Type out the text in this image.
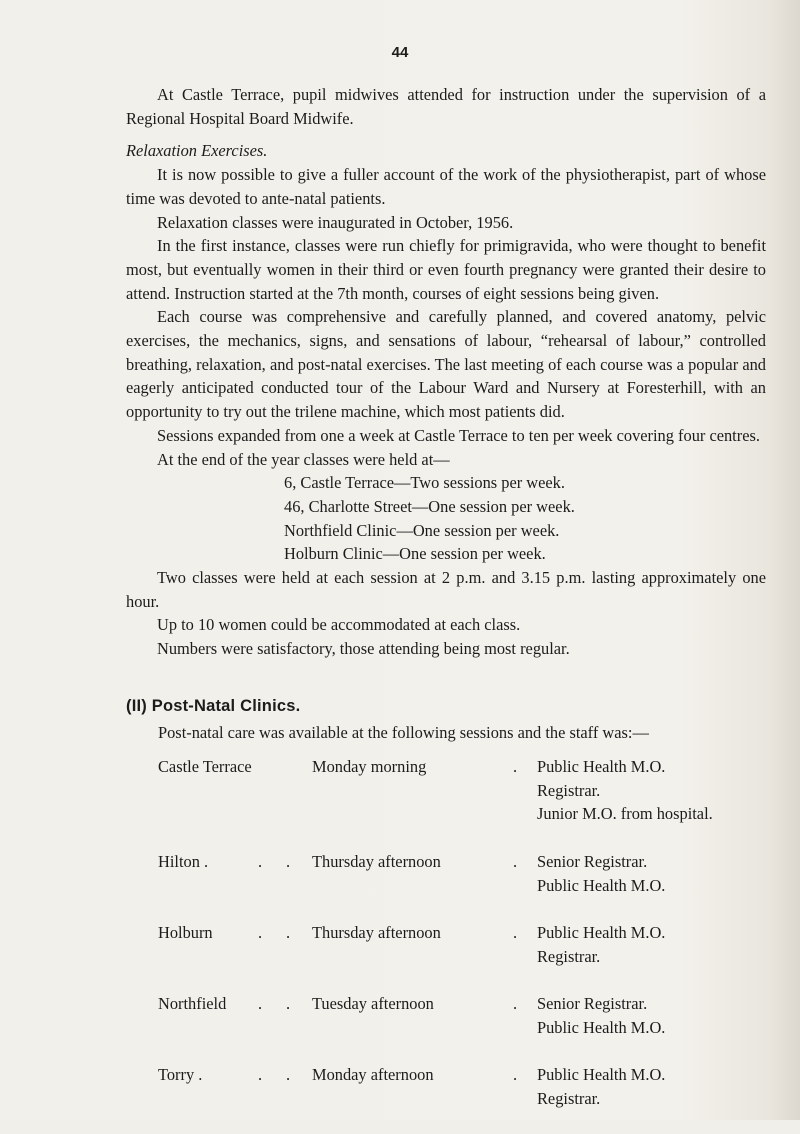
44

At Castle Terrace, pupil midwives attended for instruction under the supervision of a Regional Hospital Board Midwife.

Relaxation Exercises.

It is now possible to give a fuller account of the work of the physiotherapist, part of whose time was devoted to ante-natal patients.

Relaxation classes were inaugurated in October, 1956.

In the first instance, classes were run chiefly for primigravida, who were thought to benefit most, but eventually women in their third or even fourth pregnancy were granted their desire to attend. Instruction started at the 7th month, courses of eight sessions being given.

Each course was comprehensive and carefully planned, and covered anatomy, pelvic exercises, the mechanics, signs, and sensations of labour, “rehearsal of labour,” controlled breathing, relaxation, and post-natal exercises. The last meeting of each course was a popular and eagerly anticipated conducted tour of the Labour Ward and Nursery at Foresterhill, with an opportunity to try out the trilene machine, which most patients did.

Sessions expanded from one a week at Castle Terrace to ten per week covering four centres.

At the end of the year classes were held at—

6, Castle Terrace—Two sessions per week.
46, Charlotte Street—One session per week.
Northfield Clinic—One session per week.
Holburn Clinic—One session per week.

Two classes were held at each session at 2 p.m. and 3.15 p.m. lasting approximately one hour.

Up to 10 women could be accommodated at each class.

Numbers were satisfactory, those attending being most regular.

(II) Post-Natal Clinics.
Post-natal care was available at the following sessions and the staff was:—
Castle Terrace	Monday morning	. Public Health M.O.
Registrar.
Junior M.O. from hospital.
Hilton .	. . Thursday afternoon	. Senior Registrar.
Public Health M.O.
Holburn	. . Thursday afternoon	. Public Health M.O.
Registrar.
Northfield . . Tuesday afternoon	. Senior Registrar.
Public Health M.O.
Torry .	. . Monday afternoon	. Public Health M.O.
Registrar.
